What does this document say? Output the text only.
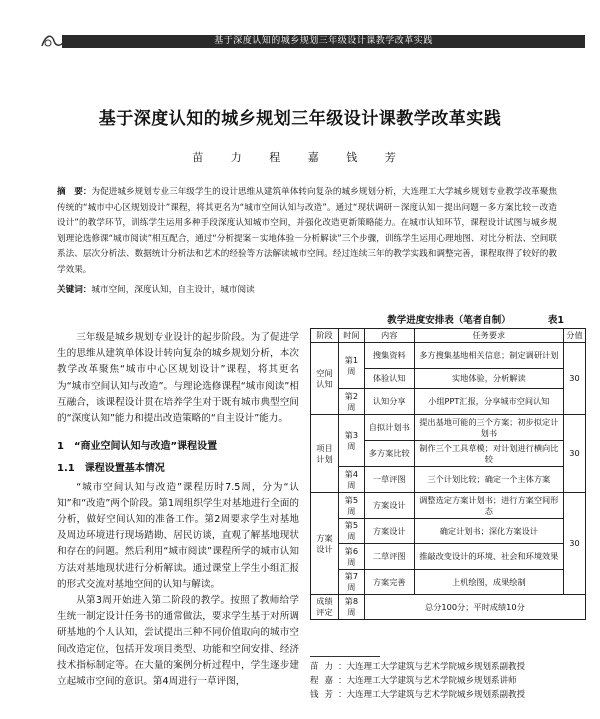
基于深度认知的城乡规划三年级设计课教学改革实践
基于深度认知的城乡规划三年级设计课教学改革实践
苗 力 程 嘉 钱 芳
摘　要：为促进城乡规划专业三年级学生的设计思维从建筑单体转向复杂的城乡规划分析，大连理工大学城乡规划专业教学改革聚焦传统的“城市中心区规划设计”课程，将其更名为“城市空间认知与改造”。通过“现状调研－深度认知－提出问题－多方案比较－改造设计”的教学环节，训练学生运用多种手段深度认知城市空间，并强化改造更新策略能力。在城市认知环节，课程设计试图与城乡规划理论选修课“城市阅读”相互配合，通过“分析提案－实地体验－分析解读”三个步骤，训练学生运用心理地图、对比分析法、空间联系法、层次分析法、数据统计分析法和艺术的经验等方法解读城市空间。经过连续三年的教学实践和调整完善，课程取得了较好的教学效果。
关键词：城市空间，深度认知，自主设计，城市阅读

三年级是城乡规划专业设计的起步阶段。为了促进学生的思维从建筑单体设计转向复杂的城乡规划分析，本次教学改革聚焦“城市中心区规划设计”课程，将其更名为“城市空间认知与改造”。与理论选修课程“城市阅读”相互融合，该课程设计贯在培养学生对于既有城市典型空间的“深度认知”能力和提出改造策略的“自主设计”能力。

1　“商业空间认知与改造”课程设置

1.1　课程设置基本情况

“城市空间认知与改造”课程历时7.5周，分为“认知”和“改造”两个阶段。第1周组织学生对基地进行全面的分析，做好空间认知的准备工作。第2周要求学生对基地及周边环境进行现场踏勘、居民访谈，直观了解基地现状和存在的问题。然后利用“城市阅读”课程所学的城市认知方法对基地现状进行分析解读。通过课堂上学生小组汇报的形式交流对基地空间的认知与解读。

从第3周开始进入第二阶段的教学。按照了教师给学生统一制定设计任务书的通常做法，要求学生基于对所调研基地的个人认知，尝试提出三种不同价值取向的城市空间改造定位，包括开发项目类型、功能和空间安排、经济技术指标制定等。在大量的案例分析过程中，学生逐步建立起城市空间的意识。第4周进行一草评图，

教学进度安排表（笔者自制）	表1
阶段	时间	内容	任务要求	分值
空间认知	第1周	搜集资料	多方搜集基地相关信息；制定调研计划	30
		体验认知	实地体验，分析解读	
	第2周	认知分享	小组PPT汇报，分享城市空间认知	
项目计划	第3周	自拟计划书	提出基地可能的三个方案；初步拟定计划书	30
		多方案比较	制作三个工具草模；对计划进行横向比较	
	第4周	一草评图	三个计划比较；确定一个主体方案	
方案设计	第5周	方案设计	调整选定方案计划书；进行方案空间形态	30
	第5周	方案设计	确定计划书；深化方案设计	
	第6周	二草评图	推敲改变设计的环境、社会和环境效果	
	第7周	方案完善	上机绘图，成果绘制	
成绩评定	第8周	总分100分；平时成绩10分		
苗力：大连理工大学建筑与艺术学院城乡规划系副教授
程嘉：大连理工大学建筑与艺术学院城乡规划系讲师
钱芳：大连理工大学建筑与艺术学院城乡规划系副教授
